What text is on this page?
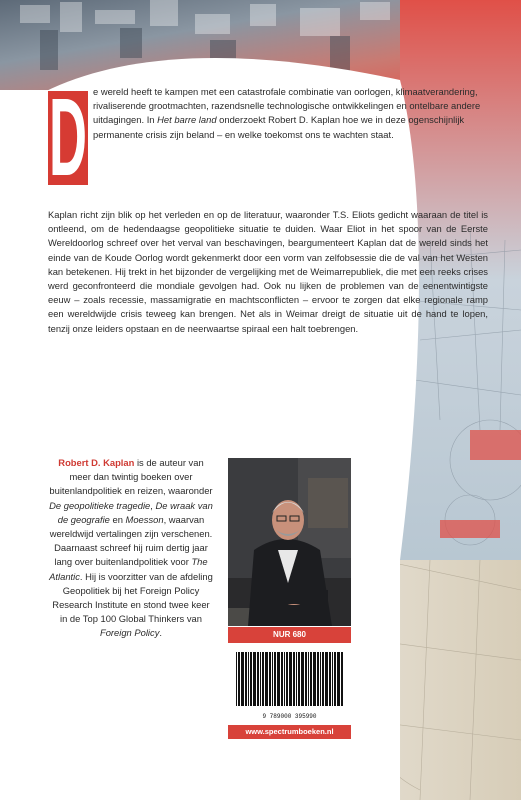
D e wereld heeft te kampen met een catastrofale combinatie van oorlogen, klimaatverandering, rivaliserende grootmachten, razendsnelle technologische ontwikkelingen en ontelbare andere uitdagingen. In Het barre land onderzoekt Robert D. Kaplan hoe we in deze ogenschijnlijk permanente crisis zijn beland – en welke toekomst ons te wachten staat.
Kaplan richt zijn blik op het verleden en op de literatuur, waaronder T.S. Eliots gedicht waaraan de titel is ontleend, om de hedendaagse geopolitieke situatie te duiden. Waar Eliot in het spoor van de Eerste Wereldoorlog schreef over het verval van beschavingen, beargumenteert Kaplan dat de wereld sinds het einde van de Koude Oorlog wordt gekenmerkt door een vorm van zelfobsessie die de val van het Westen kan betekenen. Hij trekt in het bijzonder de vergelijking met de Weimarrepubliek, die met een reeks crises werd geconfronteerd die mondiale gevolgen had. Ook nu lijken de problemen van de eenentwintigste eeuw – zoals recessie, massamigratie en machtsconflicten – ervoor te zorgen dat elke regionale ramp een wereldwijde crisis teweeg kan brengen. Net als in Weimar dreigt de situatie uit de hand te lopen, tenzij onze leiders opstaan en de neerwaartse spiraal een halt toebrengen.
Robert D. Kaplan is de auteur van meer dan twintig boeken over buitenlandpolitiek en reizen, waaronder De geopolitieke tragedie, De wraak van de geografie en Moesson, waarvan wereldwijd vertalingen zijn verschenen. Daarnaast schreef hij ruim dertig jaar lang over buitenlandpolitiek voor The Atlantic. Hij is voorzitter van de afdeling Geopolitiek bij het Foreign Policy Research Institute en stond twee keer in de Top 100 Global Thinkers van Foreign Policy.	NUR 680
9 789000 395990
www.spectrumboeken.nl
